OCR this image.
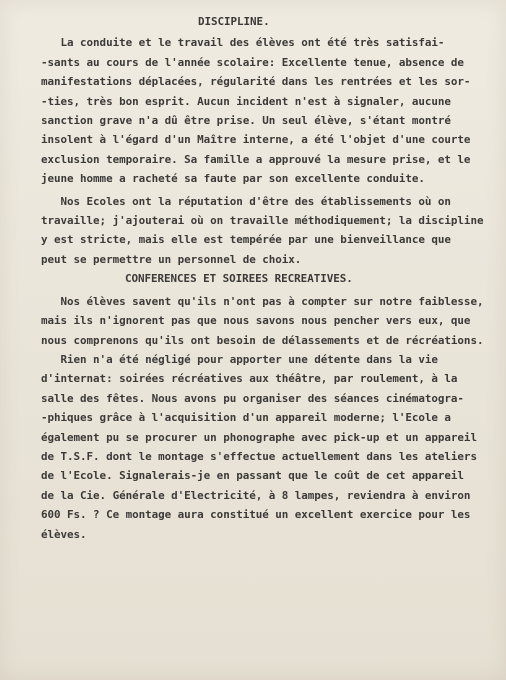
DISCIPLINE.
La conduite et le travail des élèves ont été très satisfai-
-sants au cours de l'année scolaire: Excellente tenue, absence de
manifestations déplacées, régularité dans les rentrées et les sor-
-ties, très bon esprit. Aucun incident n'est à signaler, aucune
sanction grave n'a dû être prise. Un seul élève, s'étant montré
insolent à l'égard d'un Maître interne, a été l'objet d'une courte
exclusion temporaire. Sa famille a approuvé la mesure prise, et le
jeune homme a racheté sa faute par son excellente conduite.
Nos Ecoles ont la réputation d'être des établissements où on
travaille; j'ajouterai où on travaille méthodiquement; la discipline
y est stricte, mais elle est tempérée par une bienveillance que
peut se permettre un personnel de choix.
CONFERENCES ET SOIREES RECREATIVES.
Nos élèves savent qu'ils n'ont pas à compter sur notre faiblesse,
mais ils n'ignorent pas que nous savons nous pencher vers eux, que
nous comprenons qu'ils ont besoin de délassements et de récréations.
Rien n'a été négligé pour apporter une détente dans la vie
d'internat: soirées récréatives aux théâtre, par roulement, à la
salle des fêtes. Nous avons pu organiser des séances cinématogra-
-phiques grâce à l'acquisition d'un appareil moderne; l'Ecole a
également pu se procurer un phonographe avec pick-up et un appareil
de T.S.F. dont le montage s'effectue actuellement dans les ateliers
de l'Ecole. Signalerais-je en passant que le coût de cet appareil
de la Cie. Générale d'Electricité, à 8 lampes, reviendra à environ
600 Fs. ? Ce montage aura constitué un excellent exercice pour les
élèves.
